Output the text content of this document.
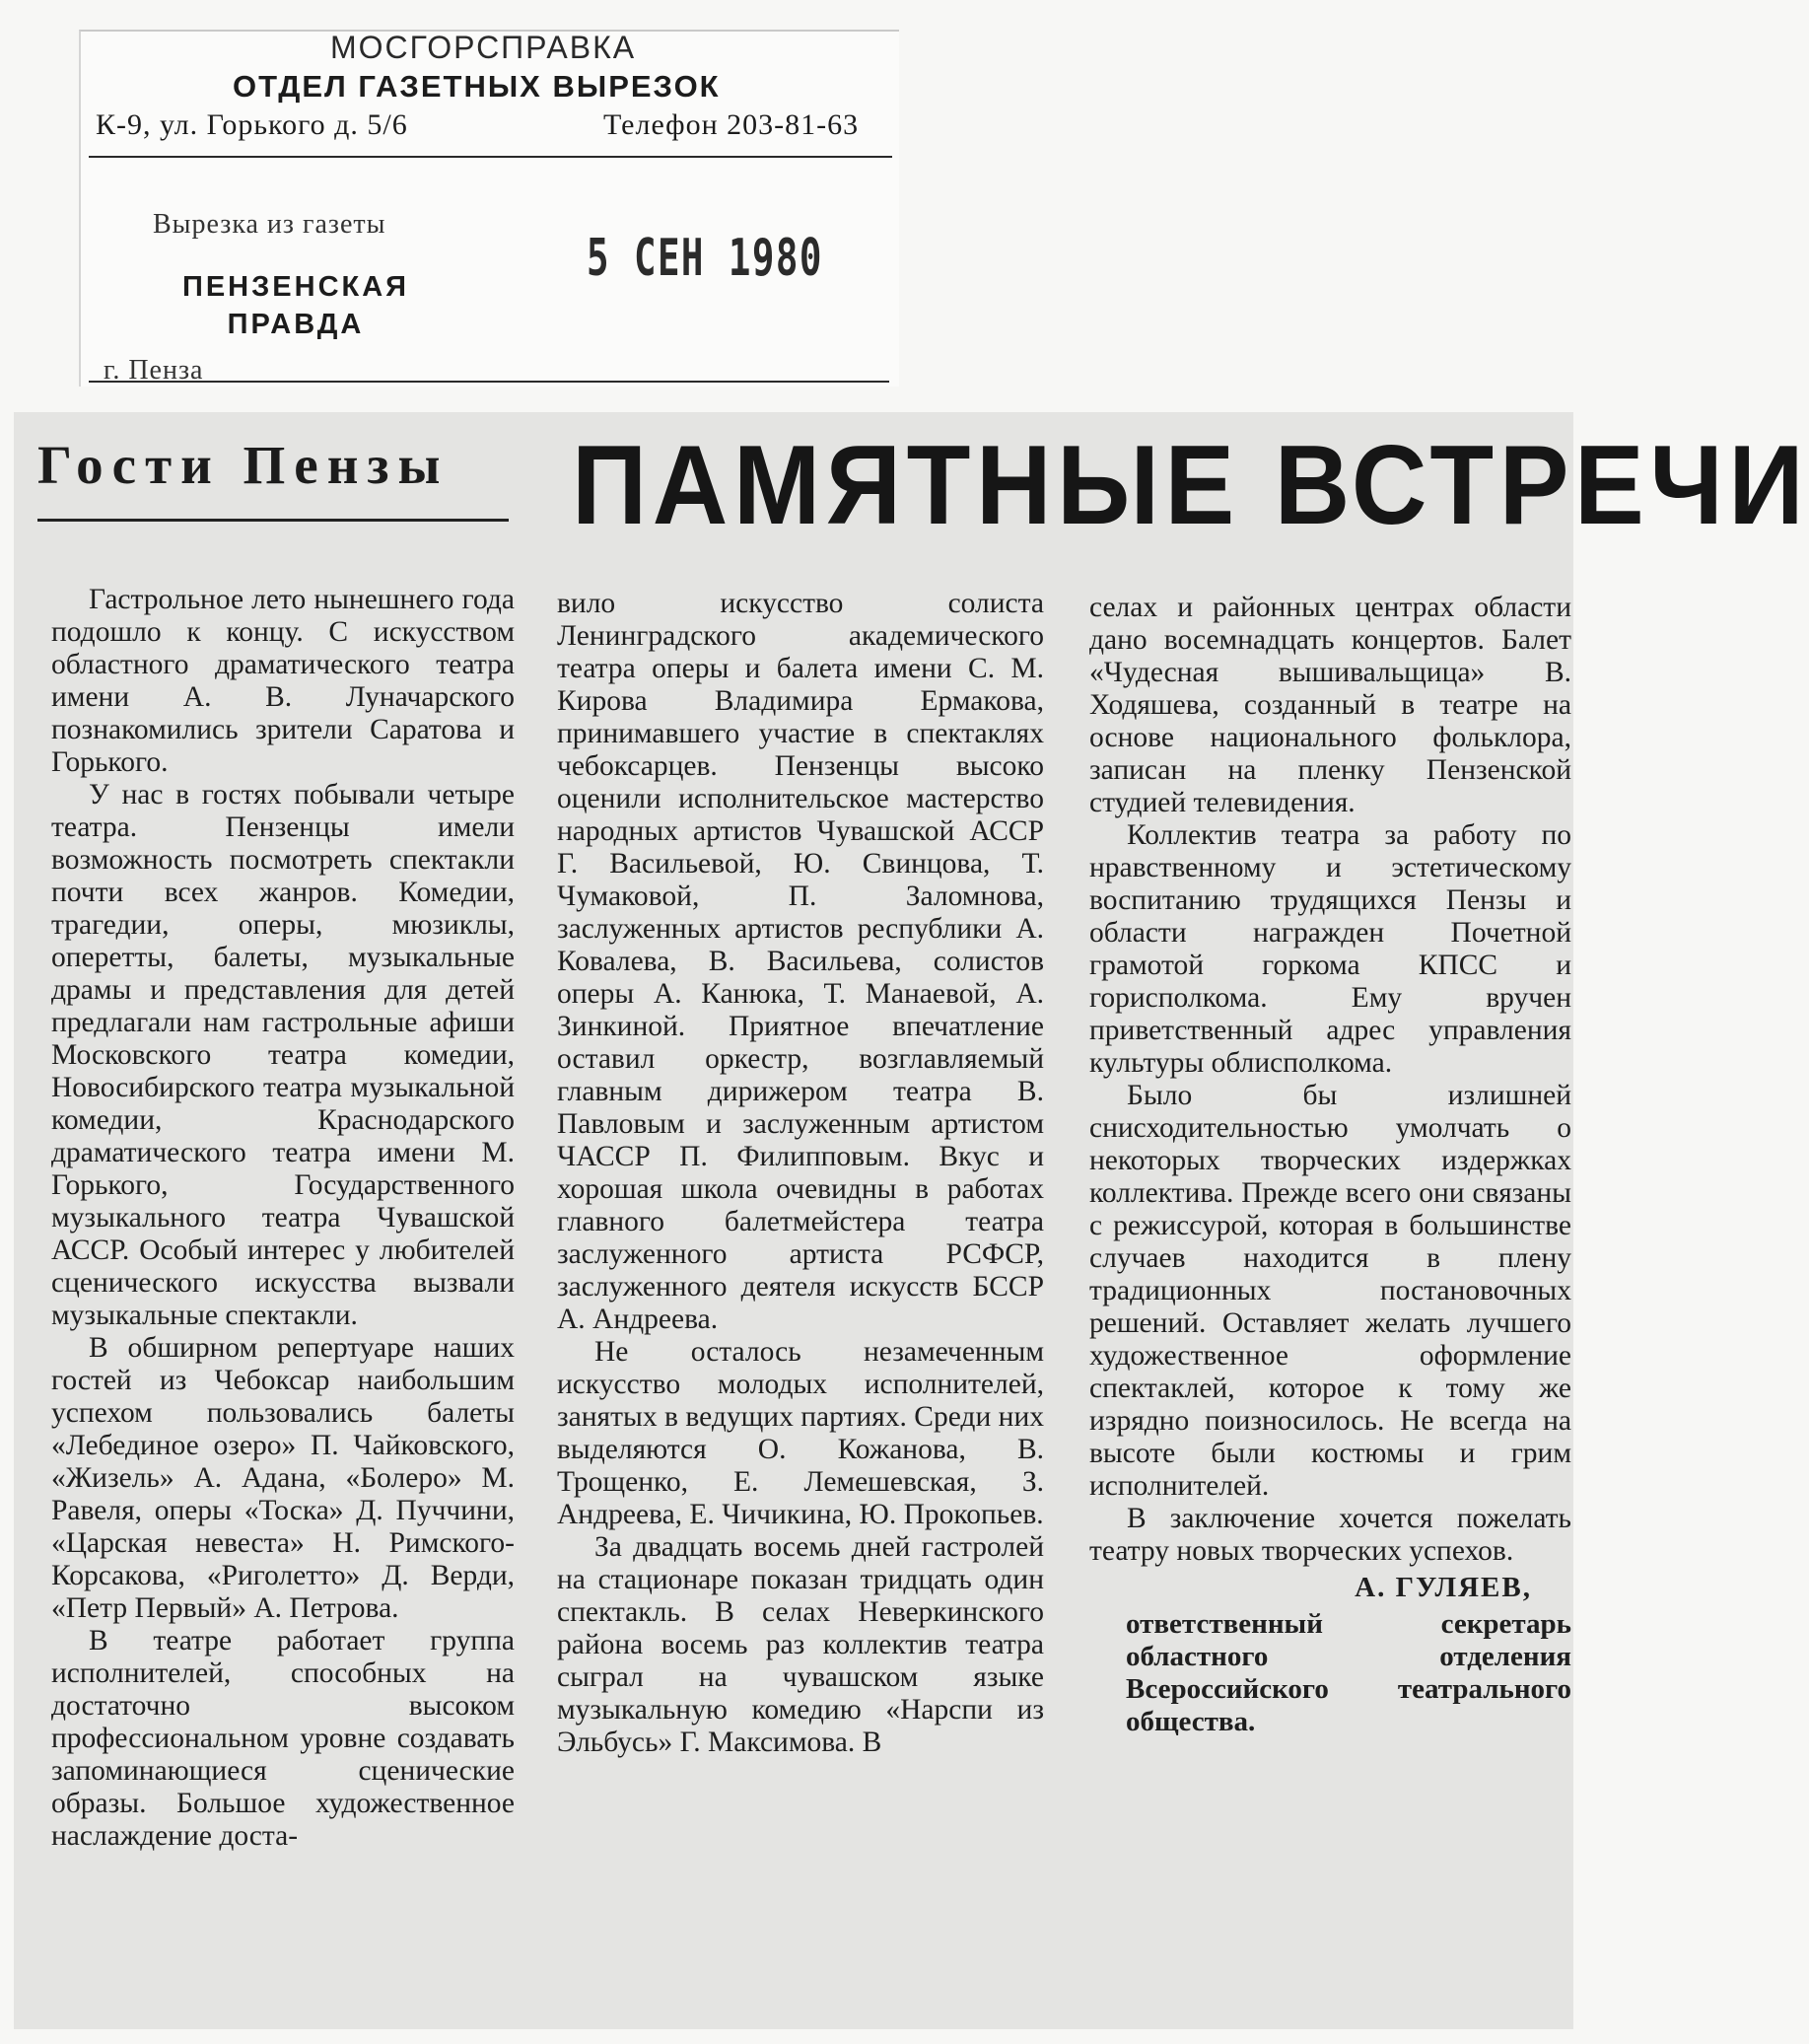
МОСГОРСПРАВКА
ОТДЕЛ ГАЗЕТНЫХ ВЫРЕЗОК
К-9, ул. Горького д. 5/6	Телефон 203-81-63
Вырезка из газеты
ПЕНЗЕНСКАЯ
ПРАВДА
г. Пенза
5 СЕН 1980
Гости Пензы ПАМЯТНЫЕ ВСТРЕЧИ

Гастрольное лето нынешнего года подошло к концу. С искусством областного драматического театра имени А. В. Луначарского познакомились зрители Саратова и Горького.

У нас в гостях побывали четыре театра. Пензенцы имели возможность посмотреть спектакли почти всех жанров. Комедии, трагедии, оперы, мюзиклы, оперетты, балеты, музыкальные драмы и представления для детей предлагали нам гастрольные афиши Московского театра комедии, Новосибирского театра музыкальной комедии, Краснодарского драматического театра имени М. Горького, Государственного музыкального театра Чувашской АССР. Особый интерес у любителей сценического искусства вызвали музыкальные спектакли.

В обширном репертуаре наших гостей из Чебоксар наибольшим успехом пользовались балеты «Лебединое озеро» П. Чайковского, «Жизель» А. Адана, «Болеро» М. Равеля, оперы «Тоска» Д. Пуччини, «Царская невеста» Н. Римского-Корсакова, «Риголетто» Д. Верди, «Петр Первый» А. Петрова.

В театре работает группа исполнителей, способных на достаточно высоком профессиональном уровне создавать запоминающиеся сценические образы. Большое художественное наслаждение доста-

вило искусство солиста Ленинградского академического театра оперы и балета имени С. М. Кирова Владимира Ермакова, принимавшего участие в спектаклях чебоксарцев. Пензенцы высоко оценили исполнительское мастерство народных артистов Чувашской АССР Г. Васильевой, Ю. Свинцова, Т. Чумаковой, П. Заломнова, заслуженных артистов республики А. Ковалева, В. Васильева, солистов оперы А. Канюка, Т. Манаевой, А. Зинкиной. Приятное впечатление оставил оркестр, возглавляемый главным дирижером театра В. Павловым и заслуженным артистом ЧАССР П. Филипповым. Вкус и хорошая школа очевидны в работах главного балетмейстера театра заслуженного артиста РСФСР, заслуженного деятеля искусств БССР А. Андреева.

Не осталось незамеченным искусство молодых исполнителей, занятых в ведущих партиях. Среди них выделяются О. Кожанова, В. Трощенко, Е. Лемешевская, З. Андреева, Е. Чичикина, Ю. Прокопьев.

За двадцать восемь дней гастролей на стационаре показан тридцать один спектакль. В селах Неверкинского района восемь раз коллектив театра сыграл на чувашском языке музыкальную комедию «Нарспи из Эльбусь» Г. Максимова. В

селах и районных центрах области дано восемнадцать концертов. Балет «Чудесная вышивальщица» В. Ходяшева, созданный в театре на основе национального фольклора, записан на пленку Пензенской студией телевидения.

Коллектив театра за работу по нравственному и эстетическому воспитанию трудящихся Пензы и области награжден Почетной грамотой горкома КПСС и горисполкома. Ему вручен приветственный адрес управления культуры облисполкома.

Было бы излишней снисходительностью умолчать о некоторых творческих издержках коллектива. Прежде всего они связаны с режиссурой, которая в большинстве случаев находится в плену традиционных постановочных решений. Оставляет желать лучшего художественное оформление спектаклей, которое к тому же изрядно поизносилось. Не всегда на высоте были костюмы и грим исполнителей.

В заключение хочется пожелать театру новых творческих успехов.

А. ГУЛЯЕВ,
ответственный секретарь областного отделения Всероссийского театрального общества.
